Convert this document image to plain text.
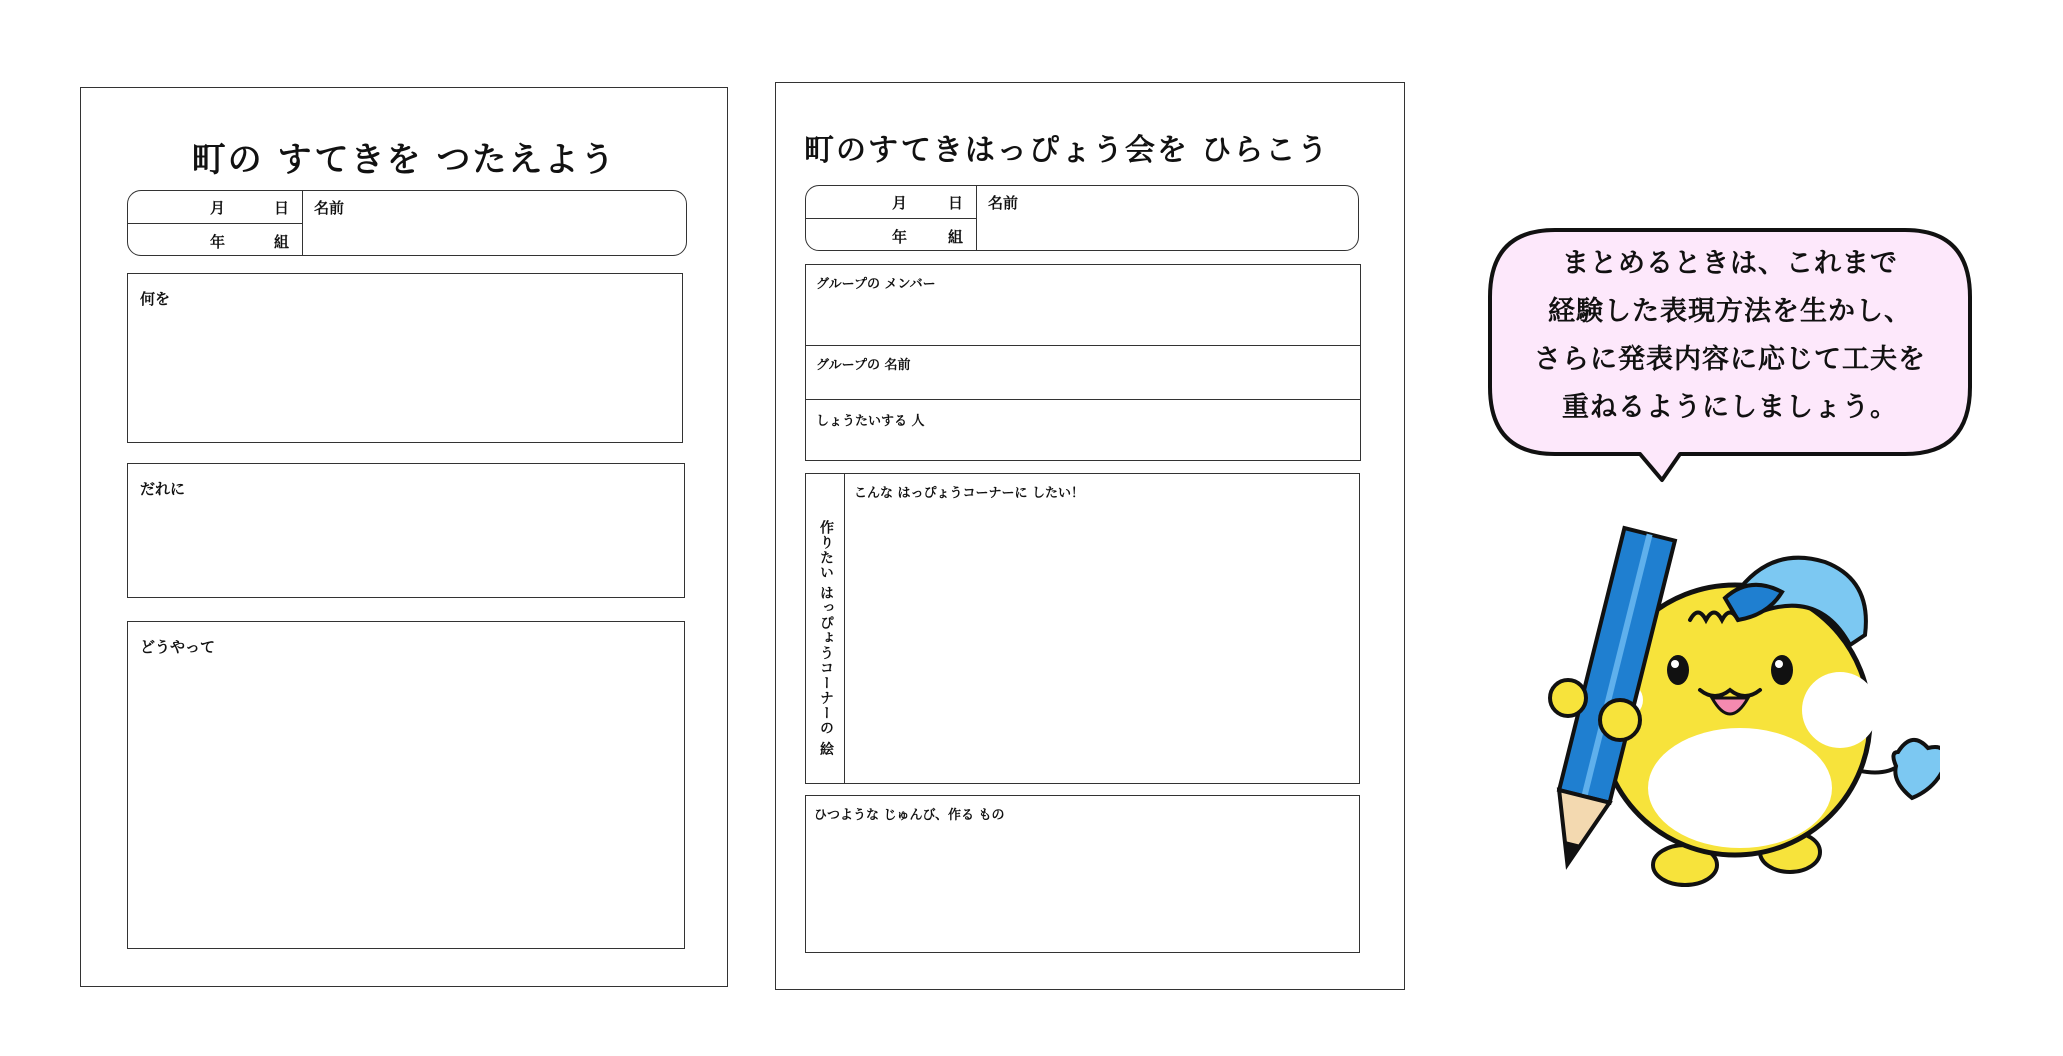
町の すてきを つたえよう
月	日
年	組
名前
何を
だれに
どうやって
町のすてきはっぴょう会を ひらこう
月	日
年	組
名前
グループの メンバー
グループの 名前
しょうたいする 人
作りたい はっぴょうコーナーの 絵
こんな はっぴょうコーナーに したい！
ひつような じゅんび、作る もの
まとめるときは、これまで
経験した表現方法を生かし、
さらに発表内容に応じて工夫を
重ねるようにしましょう。
